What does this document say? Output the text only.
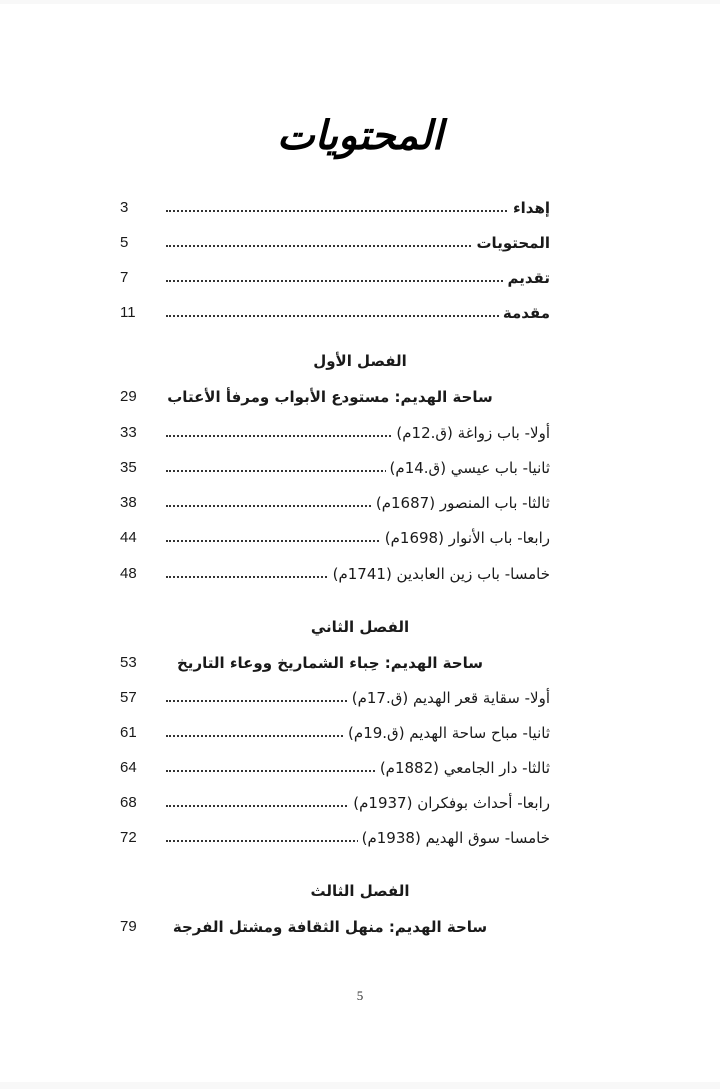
المحتويات
إهداء
3
المحتويات
5
تقديم
7
مقدمة
11
الفصل الأول
ساحة الهديم: مستودع الأبواب ومرفأ الأعتاب
29
أولا- باب زواغة (ق.12م)
33
ثانيا- باب عيسي (ق.14م)
35
ثالثا- باب المنصور (1687م)
38
رابعا- باب الأنوار (1698م)
44
خامسا- باب زين العابدين (1741م)
48
الفصل الثاني
ساحة الهديم: حِباء الشماريخ ووعاء التاريخ
53
أولا- سقاية قعر الهديم (ق.17م)
57
ثانيا- مباح ساحة الهديم (ق.19م)
61
ثالثا- دار الجامعي (1882م)
64
رابعا- أحداث بوفكران (1937م)
68
خامسا- سوق الهديم (1938م)
72
الفصل الثالث
ساحة الهديم: منهل الثقافة ومشتل الفرجة
79
5
